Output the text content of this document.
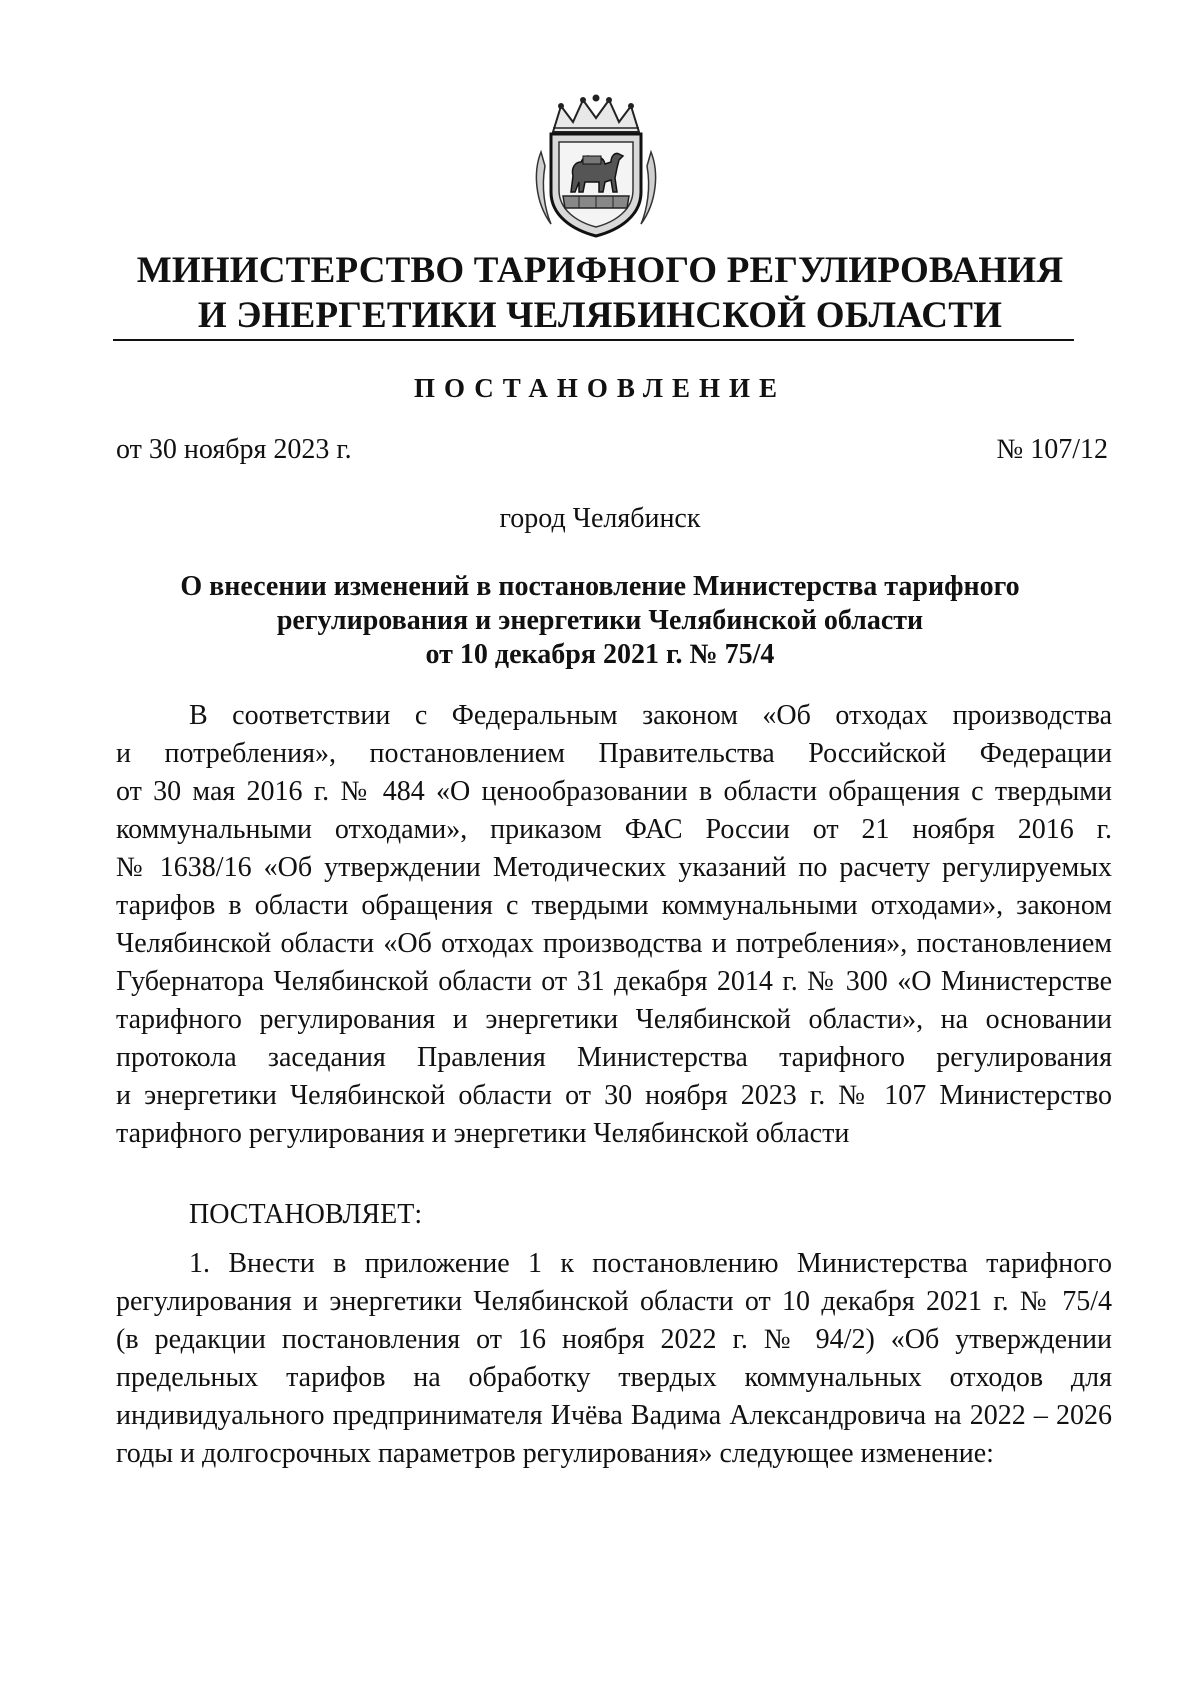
МИНИСТЕРСТВО ТАРИФНОГО РЕГУЛИРОВАНИЯ
И ЭНЕРГЕТИКИ ЧЕЛЯБИНСКОЙ ОБЛАСТИ
ПОСТАНОВЛЕНИЕ
от 30 ноября 2023 г.	№ 107/12
город Челябинск
О внесении изменений в постановление Министерства тарифного
регулирования и энергетики Челябинской области
от 10 декабря 2021 г. № 75/4
В соответствии с Федеральным законом «Об отходах производства
и потребления», постановлением Правительства Российской Федерации
от 30 мая 2016 г. № 484 «О ценообразовании в области обращения с твердыми
коммунальными отходами», приказом ФАС России от 21 ноября 2016 г.
№ 1638/16 «Об утверждении Методических указаний по расчету регулируемых
тарифов в области обращения с твердыми коммунальными отходами», законом
Челябинской области «Об отходах производства и потребления», постановлением
Губернатора Челябинской области от 31 декабря 2014 г. № 300 «О Министерстве
тарифного регулирования и энергетики Челябинской области», на основании
протокола заседания Правления Министерства тарифного регулирования
и энергетики Челябинской области от 30 ноября 2023 г. № 107 Министерство
тарифного регулирования и энергетики Челябинской области
ПОСТАНОВЛЯЕТ:
1. Внести в приложение 1 к постановлению Министерства тарифного
регулирования и энергетики Челябинской области от 10 декабря 2021 г. № 75/4
(в редакции постановления от 16 ноября 2022 г. № 94/2) «Об утверждении
предельных тарифов на обработку твердых коммунальных отходов для
индивидуального предпринимателя Ичёва Вадима Александровича на 2022 – 2026
годы и долгосрочных параметров регулирования» следующее изменение:
